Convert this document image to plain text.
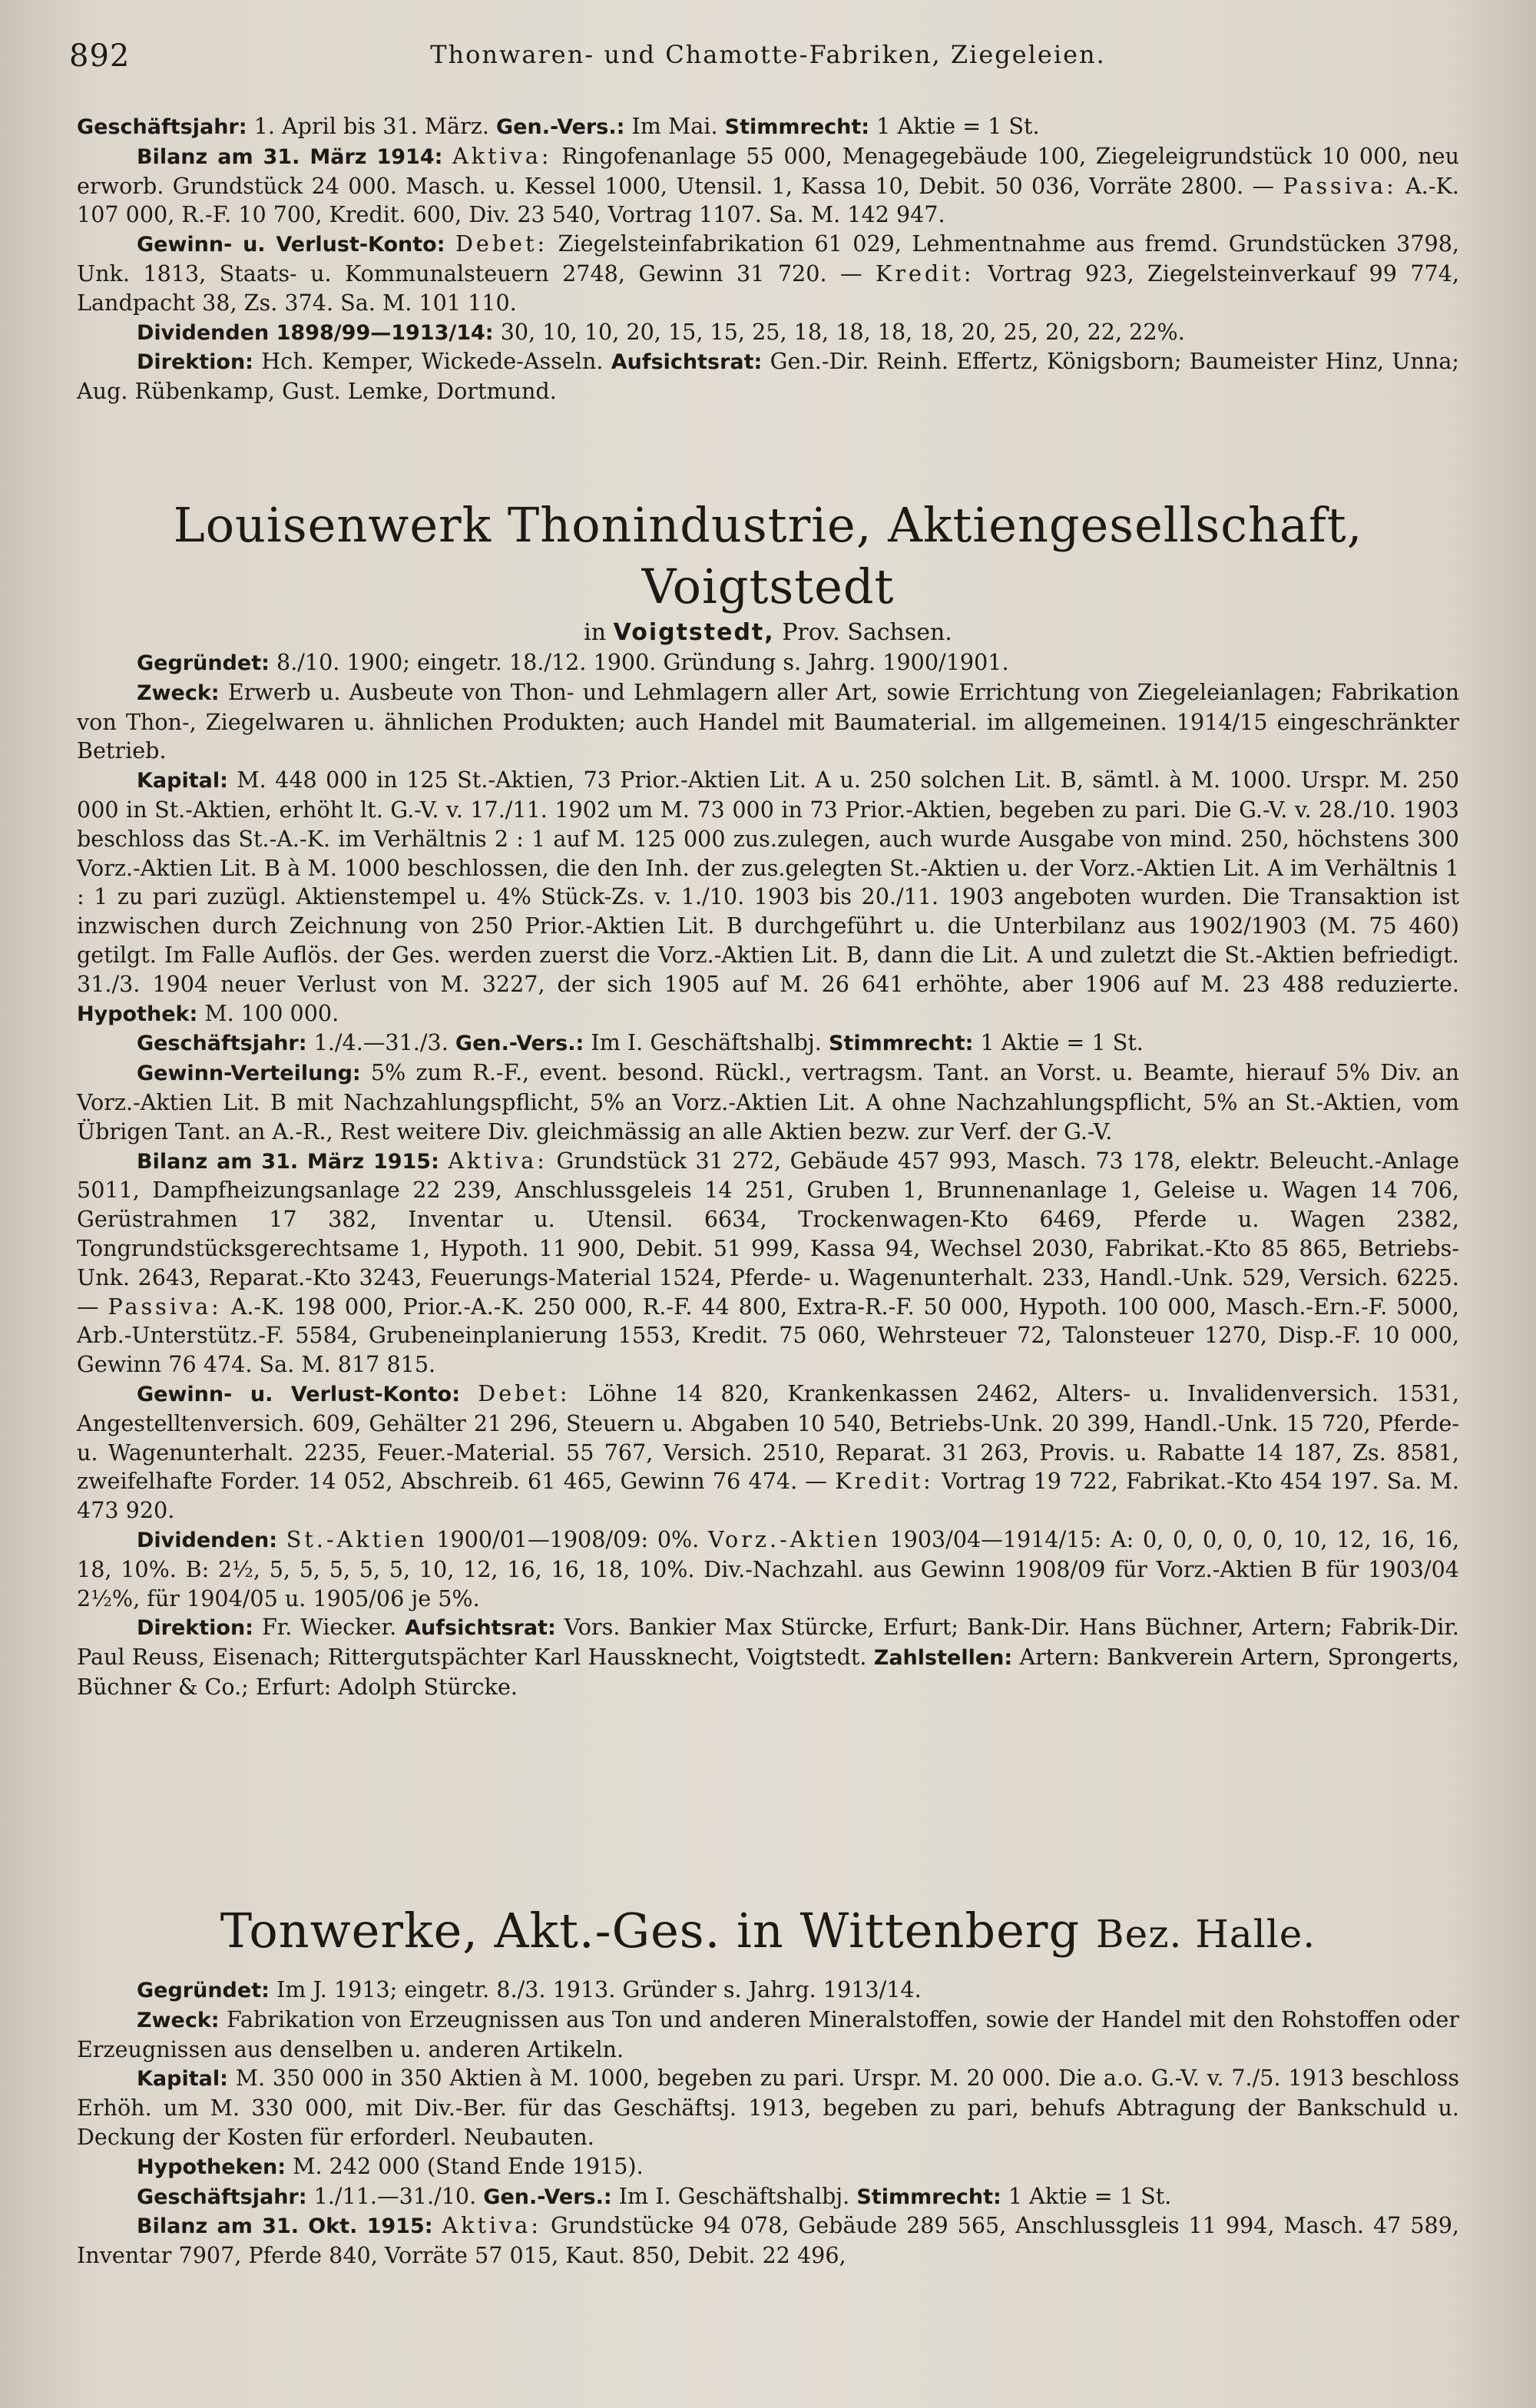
892	Thonwaren- und Chamotte-Fabriken, Ziegeleien.

Geschäftsjahr: 1. April bis 31. März. Gen.-Vers.: Im Mai. Stimmrecht: 1 Aktie = 1 St.

Bilanz am 31. März 1914: Aktiva: Ringofenanlage 55 000, Menagegebäude 100, Ziegeleigrundstück 10 000, neu erworb. Grundstück 24 000. Masch. u. Kessel 1000, Utensil. 1, Kassa 10, Debit. 50 036, Vorräte 2800. — Passiva: A.-K. 107 000, R.-F. 10 700, Kredit. 600, Div. 23 540, Vortrag 1107. Sa. M. 142 947.

Gewinn- u. Verlust-Konto: Debet: Ziegelsteinfabrikation 61 029, Lehmentnahme aus fremd. Grundstücken 3798, Unk. 1813, Staats- u. Kommunalsteuern 2748, Gewinn 31 720. — Kredit: Vortrag 923, Ziegelsteinverkauf 99 774, Landpacht 38, Zs. 374. Sa. M. 101 110.

Dividenden 1898/99—1913/14: 30, 10, 10, 20, 15, 15, 25, 18, 18, 18, 18, 20, 25, 20, 22, 22%.

Direktion: Hch. Kemper, Wickede-Asseln. Aufsichtsrat: Gen.-Dir. Reinh. Effertz, Königsborn; Baumeister Hinz, Unna; Aug. Rübenkamp, Gust. Lemke, Dortmund.

Louisenwerk Thonindustrie, Aktiengesellschaft, Voigtstedt

in Voigtstedt, Prov. Sachsen.

Gegründet: 8./10. 1900; eingetr. 18./12. 1900. Gründung s. Jahrg. 1900/1901.

Zweck: Erwerb u. Ausbeute von Thon- und Lehmlagern aller Art, sowie Errichtung von Ziegeleianlagen; Fabrikation von Thon-, Ziegelwaren u. ähnlichen Produkten; auch Handel mit Baumaterial. im allgemeinen. 1914/15 eingeschränkter Betrieb.

Kapital: M. 448 000 in 125 St.-Aktien, 73 Prior.-Aktien Lit. A u. 250 solchen Lit. B, sämtl. à M. 1000. Urspr. M. 250 000 in St.-Aktien, erhöht lt. G.-V. v. 17./11. 1902 um M. 73 000 in 73 Prior.-Aktien, begeben zu pari. Die G.-V. v. 28./10. 1903 beschloss das St.-A.-K. im Verhältnis 2 : 1 auf M. 125 000 zus.zulegen, auch wurde Ausgabe von mind. 250, höchstens 300 Vorz.-Aktien Lit. B à M. 1000 beschlossen, die den Inh. der zus.gelegten St.-Aktien u. der Vorz.-Aktien Lit. A im Verhältnis 1 : 1 zu pari zuzügl. Aktienstempel u. 4% Stück-Zs. v. 1./10. 1903 bis 20./11. 1903 angeboten wurden. Die Transaktion ist inzwischen durch Zeichnung von 250 Prior.-Aktien Lit. B durchgeführt u. die Unterbilanz aus 1902/1903 (M. 75 460) getilgt. Im Falle Auflös. der Ges. werden zuerst die Vorz.-Aktien Lit. B, dann die Lit. A und zuletzt die St.-Aktien befriedigt. 31./3. 1904 neuer Verlust von M. 3227, der sich 1905 auf M. 26 641 erhöhte, aber 1906 auf M. 23 488 reduzierte. Hypothek: M. 100 000.

Geschäftsjahr: 1./4.—31./3. Gen.-Vers.: Im I. Geschäftshalbj. Stimmrecht: 1 Aktie = 1 St.

Gewinn-Verteilung: 5% zum R.-F., event. besond. Rückl., vertragsm. Tant. an Vorst. u. Beamte, hierauf 5% Div. an Vorz.-Aktien Lit. B mit Nachzahlungspflicht, 5% an Vorz.-Aktien Lit. A ohne Nachzahlungspflicht, 5% an St.-Aktien, vom Übrigen Tant. an A.-R., Rest weitere Div. gleichmässig an alle Aktien bezw. zur Verf. der G.-V.

Bilanz am 31. März 1915: Aktiva: Grundstück 31 272, Gebäude 457 993, Masch. 73 178, elektr. Beleucht.-Anlage 5011, Dampfheizungsanlage 22 239, Anschlussgeleis 14 251, Gruben 1, Brunnenanlage 1, Geleise u. Wagen 14 706, Gerüstrahmen 17 382, Inventar u. Utensil. 6634, Trockenwagen-Kto 6469, Pferde u. Wagen 2382, Tongrundstücksgerechtsame 1, Hypoth. 11 900, Debit. 51 999, Kassa 94, Wechsel 2030, Fabrikat.-Kto 85 865, Betriebs-Unk. 2643, Reparat.-Kto 3243, Feuerungs-Material 1524, Pferde- u. Wagenunterhalt. 233, Handl.-Unk. 529, Versich. 6225. — Passiva: A.-K. 198 000, Prior.-A.-K. 250 000, R.-F. 44 800, Extra-R.-F. 50 000, Hypoth. 100 000, Masch.-Ern.-F. 5000, Arb.-Unterstütz.-F. 5584, Grubeneinplanierung 1553, Kredit. 75 060, Wehrsteuer 72, Talonsteuer 1270, Disp.-F. 10 000, Gewinn 76 474. Sa. M. 817 815.

Gewinn- u. Verlust-Konto: Debet: Löhne 14 820, Krankenkassen 2462, Alters- u. Invalidenversich. 1531, Angestelltenversich. 609, Gehälter 21 296, Steuern u. Abgaben 10 540, Betriebs-Unk. 20 399, Handl.-Unk. 15 720, Pferde- u. Wagenunterhalt. 2235, Feuer.-Material. 55 767, Versich. 2510, Reparat. 31 263, Provis. u. Rabatte 14 187, Zs. 8581, zweifelhafte Forder. 14 052, Abschreib. 61 465, Gewinn 76 474. — Kredit: Vortrag 19 722, Fabrikat.-Kto 454 197. Sa. M. 473 920.

Dividenden: St.-Aktien 1900/01—1908/09: 0%. Vorz.-Aktien 1903/04—1914/15: A: 0, 0, 0, 0, 0, 10, 12, 16, 16, 18, 10%. B: 2½, 5, 5, 5, 5, 5, 10, 12, 16, 16, 18, 10%. Div.-Nachzahl. aus Gewinn 1908/09 für Vorz.-Aktien B für 1903/04 2½%, für 1904/05 u. 1905/06 je 5%.

Direktion: Fr. Wiecker. Aufsichtsrat: Vors. Bankier Max Stürcke, Erfurt; Bank-Dir. Hans Büchner, Artern; Fabrik-Dir. Paul Reuss, Eisenach; Rittergutspächter Karl Haussknecht, Voigtstedt. Zahlstellen: Artern: Bankverein Artern, Sprongerts, Büchner & Co.; Erfurt: Adolph Stürcke.

Tonwerke, Akt.-Ges. in Wittenberg Bez. Halle.

Gegründet: Im J. 1913; eingetr. 8./3. 1913. Gründer s. Jahrg. 1913/14.

Zweck: Fabrikation von Erzeugnissen aus Ton und anderen Mineralstoffen, sowie der Handel mit den Rohstoffen oder Erzeugnissen aus denselben u. anderen Artikeln.

Kapital: M. 350 000 in 350 Aktien à M. 1000, begeben zu pari. Urspr. M. 20 000. Die a.o. G.-V. v. 7./5. 1913 beschloss Erhöh. um M. 330 000, mit Div.-Ber. für das Geschäftsj. 1913, begeben zu pari, behufs Abtragung der Bankschuld u. Deckung der Kosten für erforderl. Neubauten.

Hypotheken: M. 242 000 (Stand Ende 1915).

Geschäftsjahr: 1./11.—31./10. Gen.-Vers.: Im I. Geschäftshalbj. Stimmrecht: 1 Aktie = 1 St.

Bilanz am 31. Okt. 1915: Aktiva: Grundstücke 94 078, Gebäude 289 565, Anschlussgleis 11 994, Masch. 47 589, Inventar 7907, Pferde 840, Vorräte 57 015, Kaut. 850, Debit. 22 496,
